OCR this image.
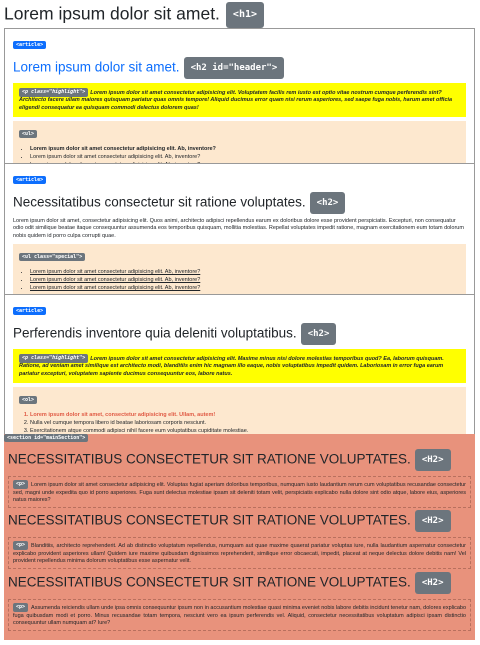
Lorem ipsum dolor sit amet. <h1>
<article>
Lorem ipsum dolor sit amet. <h2 id="header">
<p class="highlight"> Lorem ipsum dolor sit amet consectetur adipisicing elit. Voluptatem facilis rem iusto est optio vitae nostrum cumque perferendis sint? Architecto facere ullam maiores quisquam pariatur quas omnis tempore! Aliquid ducimus error quam nisi rerum asperiores, sed saepe fuga nobis, harum amet officia eligendi consequatur ea quisquam commodi delectus dolorem quas!
<ul>
• Lorem ipsum dolor sit amet consectetur adipisicing elit. Ab, inventore?
• Lorem ipsum dolor sit amet consectetur adipisicing elit. Ab, inventore?
•
<article>
Necessitatibus consectetur sit ratione voluptates. <h2>

Lorem ipsum dolor sit amet, consectetur adipisicing elit. Quos animi, architecto adipisci repellendus earum ex doloribus dolore esse provident perspiciatis. Excepturi, non consequatur odio odit similique beatae itaque consequuntur assumenda eos temporibus quisquam, mollitia molestias. Repellat voluptates impedit ratione, magnam exercitationem eum totam dolorum nobis quidem id porro culpa corrupti quae.

<ul class="special">
• Lorem ipsum dolor sit amet consectetur adipisicing elit. Ab, inventore?
• Lorem ipsum dolor sit amet consectetur adipisicing elit. Ab, inventore?
• Lorem ipsum dolor sit amet consectetur adipisicing elit. Ab, inventore?
<article>
Perferendis inventore quia deleniti voluptatibus. <h2>
<p class="highlight"> Lorem ipsum dolor sit amet consectetur adipisicing elit. Maxime minus nisi dolore molestias temporibus quod? Ea, laborum quisquam. Ratione, ad veniam amet similique est architecto modi, blanditiis enim hic magnam illo eaque, nobis voluptatibus impedit quidem. Laboriosam in error fuga earum pariatur excepturi, voluptatem sapiente ducimus consequuntur eos, labore natus.
<ol>
1. Lorem ipsum dolor sit amet, consectetur adipisicing elit. Ullam, autem!
2. Nulla vel cumque tempora libero id beatae laboriosam corporis nesciunt.
3. Exercitationem atque commodi adipisci nihil facere eum voluptatibus cupiditate molestiae.
<section id="mainSection">
NECESSITATIBUS CONSECTETUR SIT RATIONE VOLUPTATES. <H2>
<p> Lorem ipsum dolor sit amet consectetur adipisicing elit. Voluptas fugiat aperiam doloribus temporibus, numquam iusto laudantium rerum cum voluptatibus recusandae consectetur sed, magni unde expedita quo id porro asperiores. Fuga sunt delectus molestiae ipsam sit deleniti totam velit, perspiciatis explicabo nulla dolore sint odio atque, labore eius, asperiores natus maiores?
NECESSITATIBUS CONSECTETUR SIT RATIONE VOLUPTATES. <H2>
<p> Blanditiis, architecto reprehenderit. Ad ab distinctio voluptatum repellendus, numquam aut quae maxime quaerat pariatur voluptas iure, nulla laudantium aspernatur consectetur explicabo provident asperiores ullam! Quidem iure maxime quibusdam dignissimos reprehenderit, similique error obcaecati, impedit, placeat at neque delectus dolore debitis nam! Vel provident repellendus minima dolorum voluptatibus esse aspernatur velit.
NECESSITATIBUS CONSECTETUR SIT RATIONE VOLUPTATES. <H2>
<p> Assumenda reiciendis ullam unde ipsa omnis consequuntur ipsum non in accusantium molestiae quasi minima eveniet nobis labore debitis incidunt tenetur nam, dolores explicabo fuga quibusdam modi et porro. Minus recusandae totam tempora, nesciunt vero ea ipsum perferendis vel. Aliquid, consectetur necessitatibus voluptatum adipisci ipsam distinctio consequuntur ullam numquam at? Iure?
